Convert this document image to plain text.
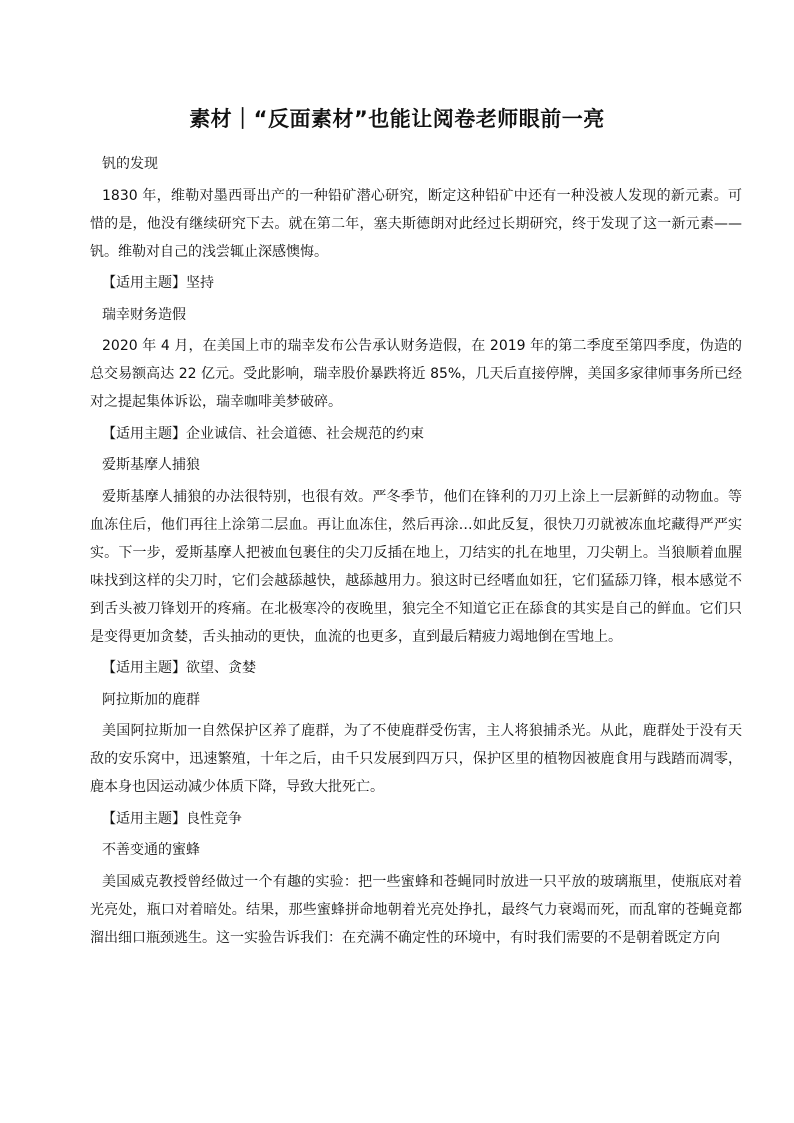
素材｜“反面素材”也能让阅卷老师眼前一亮

钒的发现

1830 年，维勒对墨西哥出产的一种铅矿潜心研究，断定这种铅矿中还有一种没被人发现的新元素。可惜的是，他没有继续研究下去。就在第二年，塞夫斯德朗对此经过长期研究，终于发现了这一新元素——钒。维勒对自己的浅尝辄止深感懊悔。

【适用主题】坚持

瑞幸财务造假

2020 年 4 月，在美国上市的瑞幸发布公告承认财务造假，在 2019 年的第二季度至第四季度，伪造的总交易额高达 22 亿元。受此影响，瑞幸股价暴跌将近 85%，几天后直接停牌，美国多家律师事务所已经对之提起集体诉讼，瑞幸咖啡美梦破碎。

【适用主题】企业诚信、社会道德、社会规范的约束

爱斯基摩人捕狼

爱斯基摩人捕狼的办法很特别，也很有效。严冬季节，他们在锋利的刀刃上涂上一层新鲜的动物血。等血冻住后，他们再往上涂第二层血。再让血冻住，然后再涂…如此反复，很快刀刃就被冻血坨藏得严严实实。下一步，爱斯基摩人把被血包裹住的尖刀反插在地上，刀结实的扎在地里，刀尖朝上。当狼顺着血腥味找到这样的尖刀时，它们会越舔越快，越舔越用力。狼这时已经嗜血如狂，它们猛舔刀锋，根本感觉不到舌头被刀锋划开的疼痛。在北极寒冷的夜晚里，狼完全不知道它正在舔食的其实是自己的鲜血。它们只是变得更加贪婪，舌头抽动的更快，血流的也更多，直到最后精疲力竭地倒在雪地上。

【适用主题】欲望、贪婪

阿拉斯加的鹿群

美国阿拉斯加一自然保护区养了鹿群，为了不使鹿群受伤害，主人将狼捕杀光。从此，鹿群处于没有天敌的安乐窝中，迅速繁殖，十年之后，由千只发展到四万只，保护区里的植物因被鹿食用与践踏而凋零，鹿本身也因运动减少体质下降，导致大批死亡。

【适用主题】良性竞争

不善变通的蜜蜂

美国威克教授曾经做过一个有趣的实验：把一些蜜蜂和苍蝇同时放进一只平放的玻璃瓶里，使瓶底对着光亮处，瓶口对着暗处。结果，那些蜜蜂拼命地朝着光亮处挣扎，最终气力衰竭而死，而乱窜的苍蝇竟都溜出细口瓶颈逃生。这一实验告诉我们：在充满不确定性的环境中，有时我们需要的不是朝着既定方向
